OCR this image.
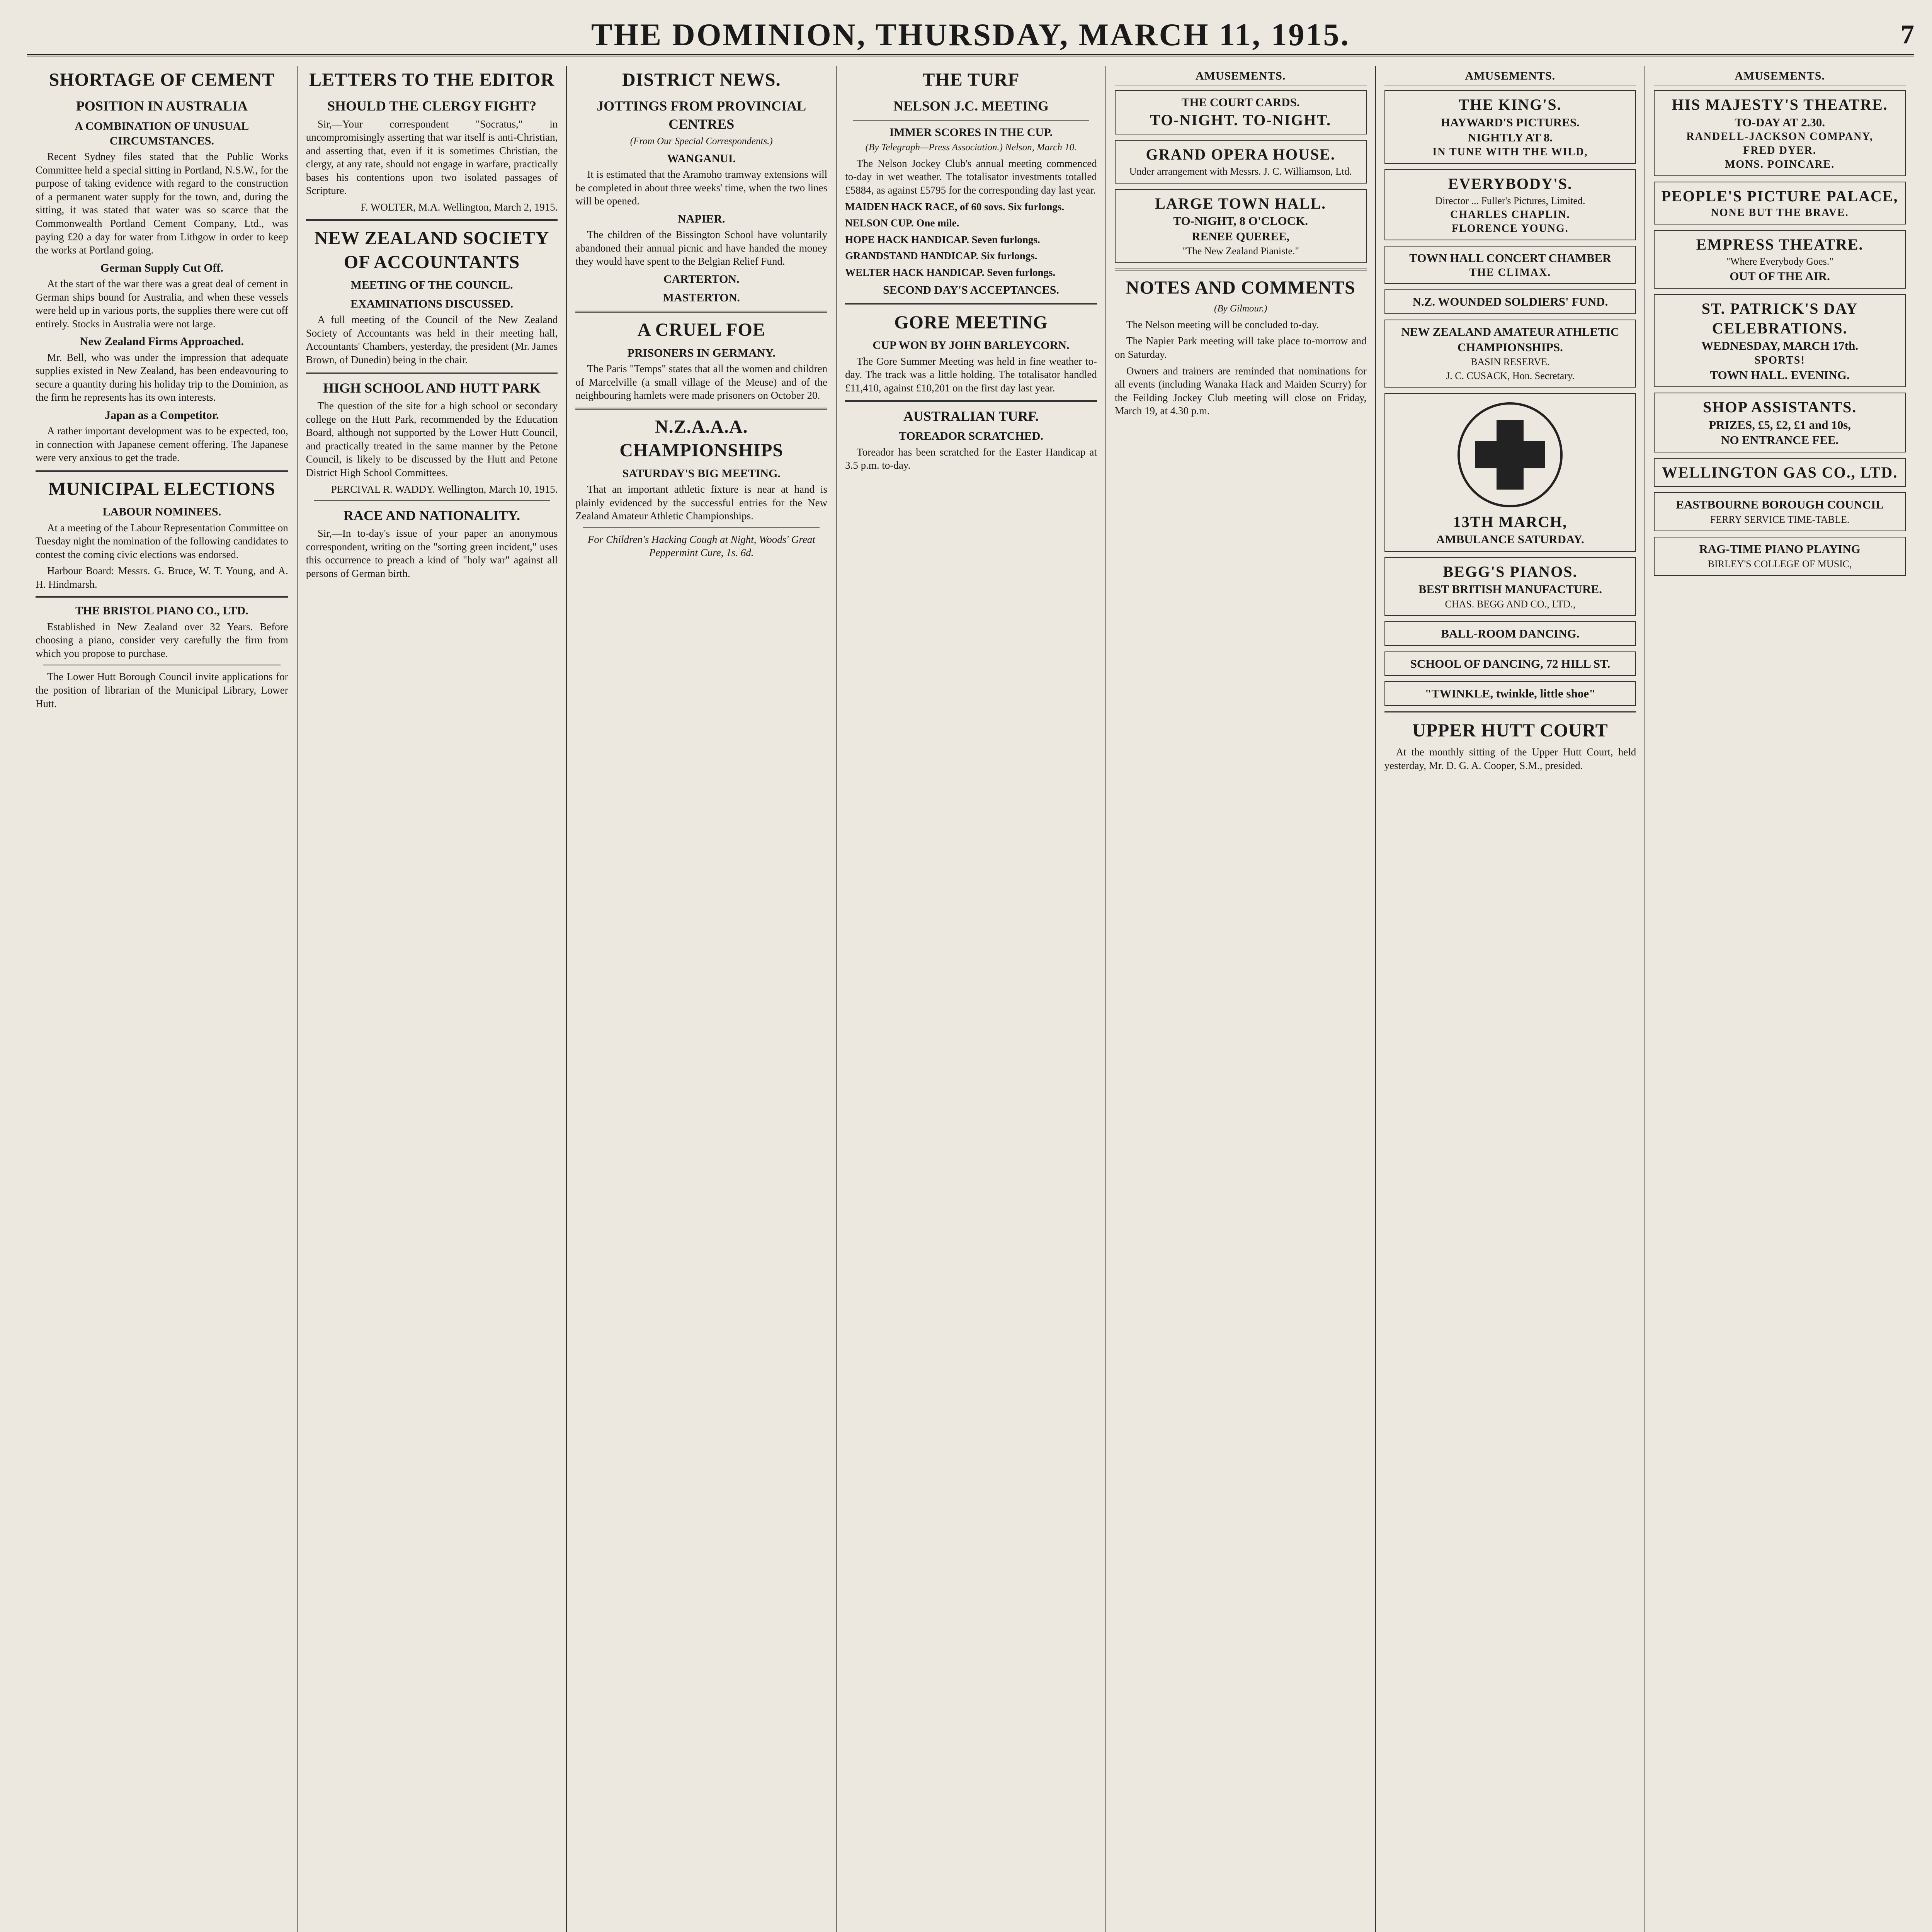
THE DOMINION, THURSDAY, MARCH 11, 1915.	7
SHORTAGE OF CEMENT
POSITION IN AUSTRALIA
A COMBINATION OF UNUSUAL CIRCUMSTANCES.

Recent Sydney files stated that the Public Works Committee held a special sitting in Portland, N.S.W., for the purpose of taking evidence with regard to the construction of a permanent water supply for the town, and, during the sitting, it was stated that water was so scarce that the Commonwealth Portland Cement Company, Ltd., was paying £20 a day for water from Lithgow in order to keep the works at Portland going.

German Supply Cut Off.

At the start of the war there was a great deal of cement in German ships bound for Australia, and when these vessels were held up in various ports, the supplies there were cut off entirely. Stocks in Australia were not large.

New Zealand Firms Approached.

Mr. Bell, who was under the impression that adequate supplies existed in New Zealand, has been endeavouring to secure a quantity during his holiday trip to the Dominion, as the firm he represents has its own interests.

Japan as a Competitor.

A rather important development was to be expected, too, in connection with Japanese cement offering. The Japanese were very anxious to get the trade.

MUNICIPAL ELECTIONS
LABOUR NOMINEES.

At a meeting of the Labour Representation Committee on Tuesday night the nomination of the following candidates to contest the coming civic elections was endorsed.

Harbour Board: Messrs. G. Bruce, W. T. Young, and A. H. Hindmarsh.

THE BRISTOL PIANO CO., LTD.

Established in New Zealand over 32 Years. Before choosing a piano, consider very carefully the firm from which you propose to purchase.

The Lower Hutt Borough Council invite applications for the position of librarian of the Municipal Library, Lower Hutt.

LETTERS TO THE EDITOR
SHOULD THE CLERGY FIGHT?

Sir,—Your correspondent "Socratus," in uncompromisingly asserting that war itself is anti-Christian, and asserting that, even if it is sometimes Christian, the clergy, at any rate, should not engage in warfare, practically bases his contentions upon two isolated passages of Scripture.

F. WOLTER, M.A. Wellington, March 2, 1915.
NEW ZEALAND SOCIETY OF ACCOUNTANTS
MEETING OF THE COUNCIL.
EXAMINATIONS DISCUSSED.

A full meeting of the Council of the New Zealand Society of Accountants was held in their meeting hall, Accountants' Chambers, yesterday, the president (Mr. James Brown, of Dunedin) being in the chair.

HIGH SCHOOL AND HUTT PARK

The question of the site for a high school or secondary college on the Hutt Park, recommended by the Education Board, although not supported by the Lower Hutt Council, and practically treated in the same manner by the Petone Council, is likely to be discussed by the Hutt and Petone District High School Committees.

PERCIVAL R. WADDY. Wellington, March 10, 1915.
RACE AND NATIONALITY.

Sir,—In to-day's issue of your paper an anonymous correspondent, writing on the "sorting green incident," uses this occurrence to preach a kind of "holy war" against all persons of German birth.

DISTRICT NEWS.
JOTTINGS FROM PROVINCIAL CENTRES
(From Our Special Correspondents.)
WANGANUI.

It is estimated that the Aramoho tramway extensions will be completed in about three weeks' time, when the two lines will be opened.

NAPIER.

The children of the Bissington School have voluntarily abandoned their annual picnic and have handed the money they would have spent to the Belgian Relief Fund.

CARTERTON.
MASTERTON.
A CRUEL FOE
PRISONERS IN GERMANY.

The Paris "Temps" states that all the women and children of Marcelville (a small village of the Meuse) and of the neighbouring hamlets were made prisoners on October 20.

N.Z.A.A.A. CHAMPIONSHIPS
SATURDAY'S BIG MEETING.

That an important athletic fixture is near at hand is plainly evidenced by the successful entries for the New Zealand Amateur Athletic Championships.

For Children's Hacking Cough at Night, Woods' Great Peppermint Cure, 1s. 6d.

THE TURF
NELSON J.C. MEETING
IMMER SCORES IN THE CUP.
(By Telegraph—Press Association.) Nelson, March 10.

The Nelson Jockey Club's annual meeting commenced to-day in wet weather. The totalisator investments totalled £5884, as against £5795 for the corresponding day last year.

MAIDEN HACK RACE, of 60 sovs. Six furlongs.

NELSON CUP. One mile.

HOPE HACK HANDICAP. Seven furlongs.

GRANDSTAND HANDICAP. Six furlongs.

WELTER HACK HANDICAP. Seven furlongs.

SECOND DAY'S ACCEPTANCES.
GORE MEETING
CUP WON BY JOHN BARLEYCORN.

The Gore Summer Meeting was held in fine weather to-day. The track was a little holding. The totalisator handled £11,410, against £10,201 on the first day last year.

AUSTRALIAN TURF.
TOREADOR SCRATCHED.

Toreador has been scratched for the Easter Handicap at 3.5 p.m. to-day.

AMUSEMENTS.
THE COURT CARDS.
TO-NIGHT. TO-NIGHT.
GRAND OPERA HOUSE.
Under arrangement with Messrs. J. C. Williamson, Ltd.
LARGE TOWN HALL.
TO-NIGHT, 8 O'CLOCK.
RENEE QUEREE,
"The New Zealand Pianiste."
NOTES AND COMMENTS
(By Gilmour.)

The Nelson meeting will be concluded to-day.

The Napier Park meeting will take place to-morrow and on Saturday.

Owners and trainers are reminded that nominations for all events (including Wanaka Hack and Maiden Scurry) for the Feilding Jockey Club meeting will close on Friday, March 19, at 4.30 p.m.

AMUSEMENTS.
THE KING'S.
HAYWARD'S PICTURES.
NIGHTLY AT 8.
IN TUNE WITH THE WILD,
EVERYBODY'S.
Director ... Fuller's Pictures, Limited.
CHARLES CHAPLIN.
FLORENCE YOUNG.
TOWN HALL CONCERT CHAMBER
THE CLIMAX.
N.Z. WOUNDED SOLDIERS' FUND.
NEW ZEALAND AMATEUR ATHLETIC CHAMPIONSHIPS.
BASIN RESERVE.
J. C. CUSACK, Hon. Secretary.
13TH MARCH,
AMBULANCE SATURDAY.
BEGG'S PIANOS.
BEST BRITISH MANUFACTURE.
CHAS. BEGG AND CO., LTD.,
BALL-ROOM DANCING.
SCHOOL OF DANCING, 72 HILL ST.
"TWINKLE, twinkle, little shoe"
UPPER HUTT COURT

At the monthly sitting of the Upper Hutt Court, held yesterday, Mr. D. G. A. Cooper, S.M., presided.

AMUSEMENTS.
HIS MAJESTY'S THEATRE.
TO-DAY AT 2.30.
RANDELL-JACKSON COMPANY,
FRED DYER.
MONS. POINCARE.
PEOPLE'S PICTURE PALACE,
NONE BUT THE BRAVE.
EMPRESS THEATRE.
"Where Everybody Goes."
OUT OF THE AIR.
ST. PATRICK'S DAY CELEBRATIONS.
WEDNESDAY, MARCH 17th.
SPORTS!
TOWN HALL. EVENING.
SHOP ASSISTANTS.
PRIZES, £5, £2, £1 and 10s,
NO ENTRANCE FEE.
WELLINGTON GAS CO., LTD.
EASTBOURNE BOROUGH COUNCIL
FERRY SERVICE TIME-TABLE.
RAG-TIME PIANO PLAYING
BIRLEY'S COLLEGE OF MUSIC,
